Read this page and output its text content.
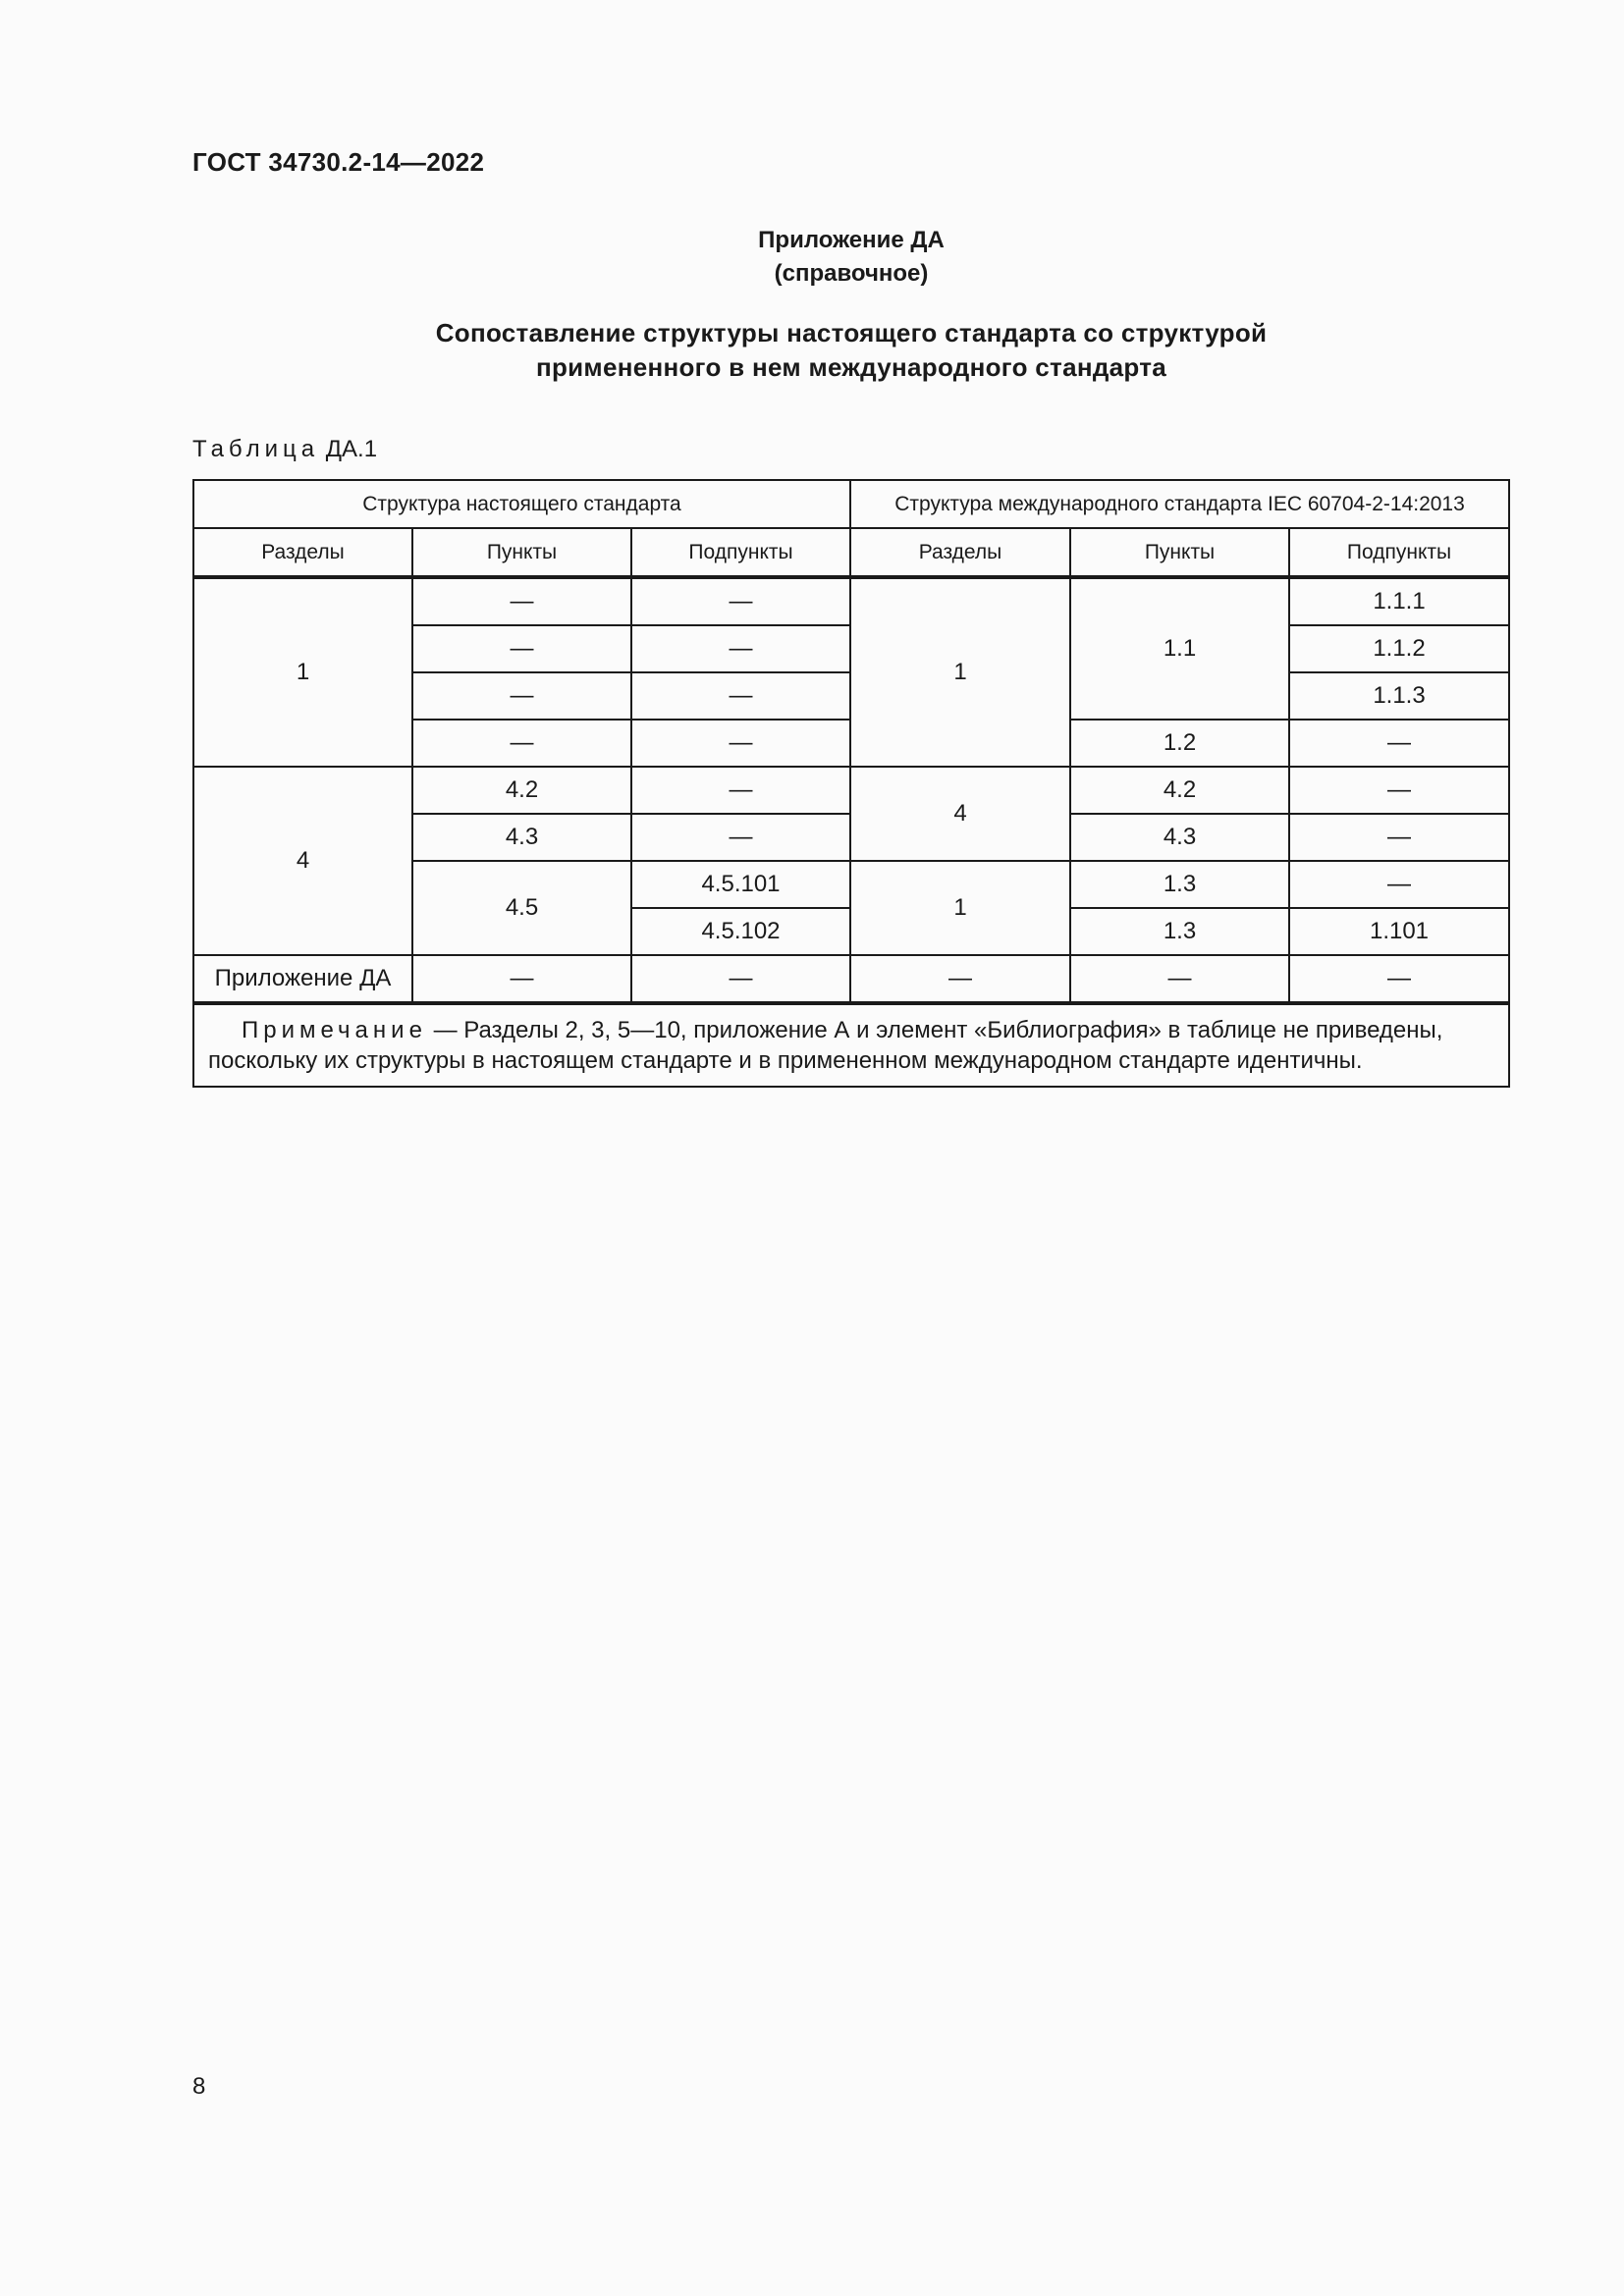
ГОСТ 34730.2-14—2022
Приложение ДА
(справочное)
Сопоставление структуры настоящего стандарта со структурой
примененного в нем международного стандарта
Таблица ДА.1
Структура настоящего стандарта			Структура международного стандарта IEC 60704-2-14:2013		
Разделы	Пункты	Подпункты	Разделы	Пункты	Подпункты
1	—	—	1	1.1	1.1.1
	—	—			1.1.2
	—	—			1.1.3
	—	—		1.2	—
4	4.2	—	4	4.2	—
	4.3	—		4.3	—
	4.5	4.5.101	1	1.3	—
		4.5.102		1.3	1.101
Приложение ДА	—	—	—	—	—
Примечание — Разделы 2, 3, 5—10, приложение А и элемент «Библиография» в таблице не приведены, поскольку их структуры в настоящем стандарте и в примененном международном стандарте идентичны.					
8
